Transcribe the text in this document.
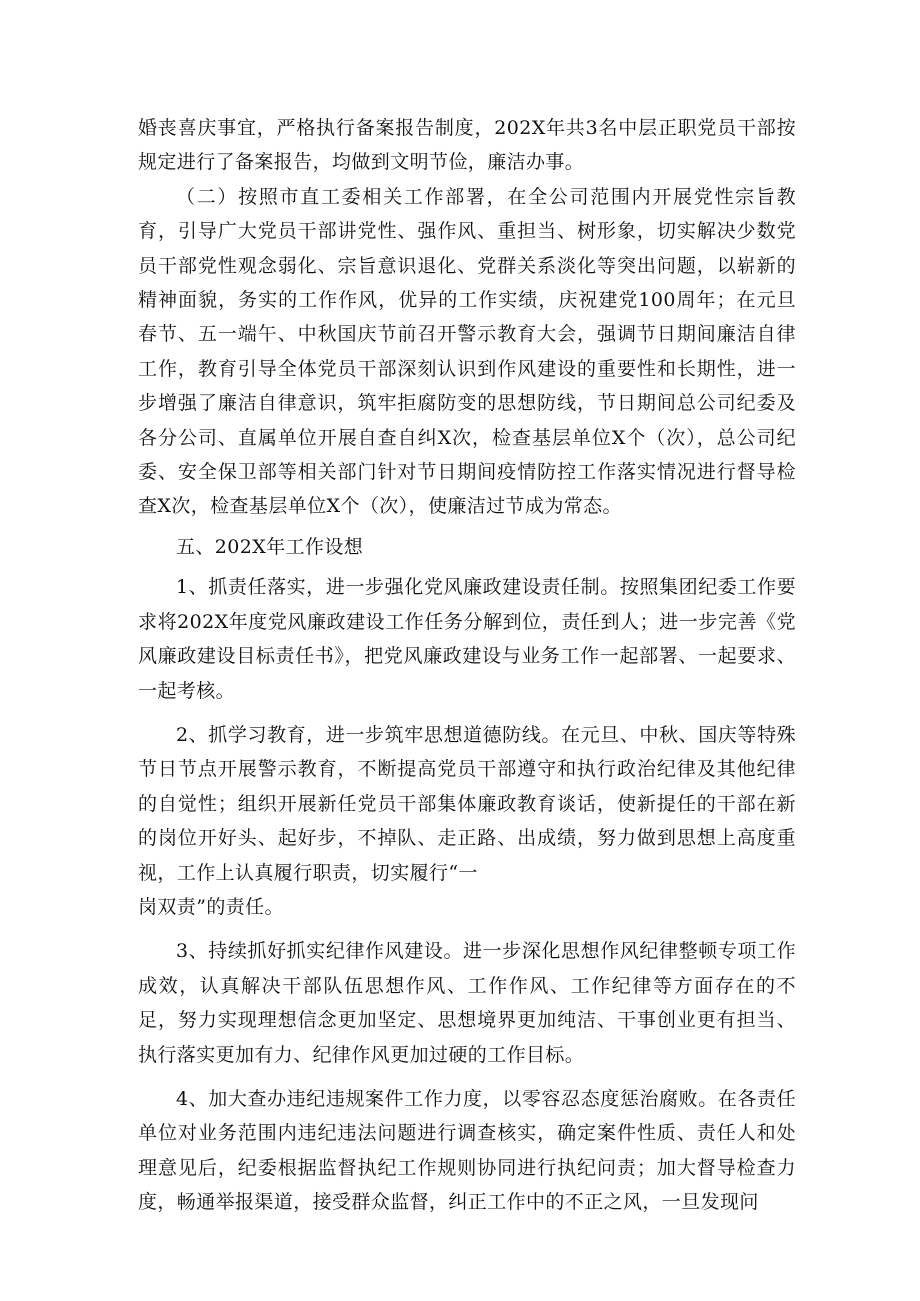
婚丧喜庆事宜，严格执行备案报告制度，202X年共3名中层正职党员干部按规定进行了备案报告，均做到文明节俭，廉洁办事。

（二）按照市直工委相关工作部署，在全公司范围内开展党性宗旨教育，引导广大党员干部讲党性、强作风、重担当、树形象，切实解决少数党员干部党性观念弱化、宗旨意识退化、党群关系淡化等突出问题，以崭新的精神面貌，务实的工作作风，优异的工作实绩，庆祝建党100周年；在元旦春节、五一端午、中秋国庆节前召开警示教育大会，强调节日期间廉洁自律工作，教育引导全体党员干部深刻认识到作风建设的重要性和长期性，进一步增强了廉洁自律意识，筑牢拒腐防变的思想防线，节日期间总公司纪委及各分公司、直属单位开展自查自纠X次，检查基层单位X个（次），总公司纪委、安全保卫部等相关部门针对节日期间疫情防控工作落实情况进行督导检查X次，检查基层单位X个（次），使廉洁过节成为常态。

五、202X年工作设想

1、抓责任落实，进一步强化党风廉政建设责任制。按照集团纪委工作要求将202X年度党风廉政建设工作任务分解到位，责任到人；进一步完善《党风廉政建设目标责任书》，把党风廉政建设与业务工作一起部署、一起要求、一起考核。

2、抓学习教育，进一步筑牢思想道德防线。在元旦、中秋、国庆等特殊节日节点开展警示教育，不断提高党员干部遵守和执行政治纪律及其他纪律的自觉性；组织开展新任党员干部集体廉政教育谈话，使新提任的干部在新的岗位开好头、起好步，不掉队、走正路、出成绩，努力做到思想上高度重视，工作上认真履行职责，切实履行“一

岗双责”的责任。

3、持续抓好抓实纪律作风建设。进一步深化思想作风纪律整顿专项工作成效，认真解决干部队伍思想作风、工作作风、工作纪律等方面存在的不足，努力实现理想信念更加坚定、思想境界更加纯洁、干事创业更有担当、执行落实更加有力、纪律作风更加过硬的工作目标。

4、加大查办违纪违规案件工作力度，以零容忍态度惩治腐败。在各责任单位对业务范围内违纪违法问题进行调查核实，确定案件性质、责任人和处理意见后，纪委根据监督执纪工作规则协同进行执纪问责；加大督导检查力度，畅通举报渠道，接受群众监督，纠正工作中的不正之风，一旦发现问
